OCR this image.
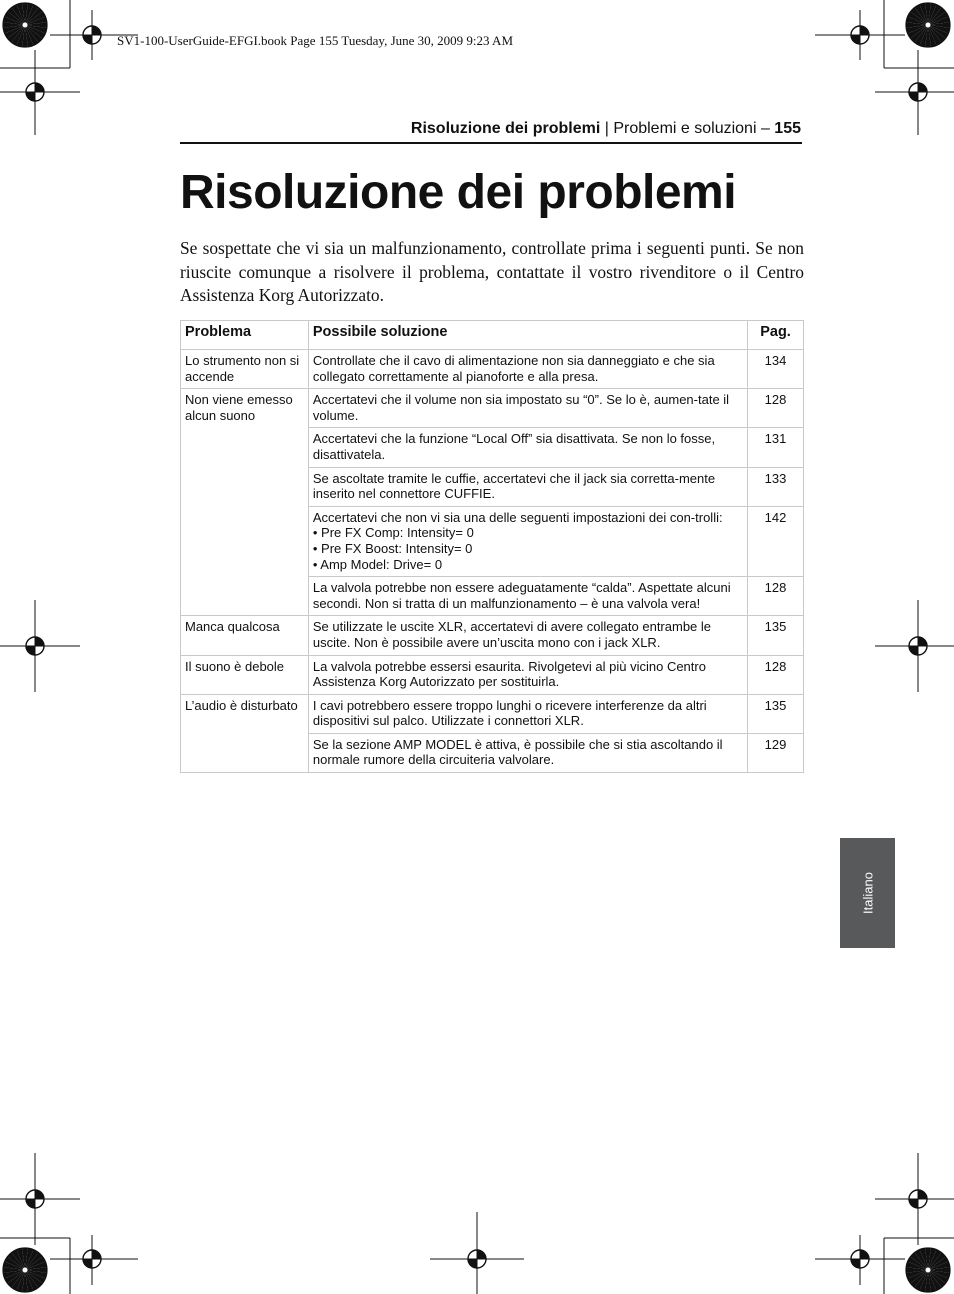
SV1-100-UserGuide-EFGI.book Page 155 Tuesday, June 30, 2009 9:23 AM
Risoluzione dei problemi | Problemi e soluzioni – 155
Risoluzione dei problemi

Se sospettate che vi sia un malfunzionamento, controllate prima i seguenti punti. Se non riuscite comunque a risolvere il problema, contattate il vostro rivenditore o il Centro Assistenza Korg Autorizzato.

Problema	Possibile soluzione	Pag.
Lo strumento non si accende	Controllate che il cavo di alimentazione non sia danneggiato e che sia collegato correttamente al pianoforte e alla presa.	134
Non viene emesso alcun suono	Accertatevi che il volume non sia impostato su “0”. Se lo è, aumen-tate il volume.	128
	Accertatevi che la funzione “Local Off” sia disattivata. Se non lo fosse, disattivatela.	131
	Se ascoltate tramite le cuffie, accertatevi che il jack sia corretta-mente inserito nel connettore CUFFIE.	133

	Accertatevi che non vi sia una delle seguenti impostazioni dei con-trolli:
• Pre FX Comp: Intensity= 0
• Pre FX Boost: Intensity= 0
• Amp Model: Drive= 0	142
	La valvola potrebbe non essere adeguatamente “calda”. Aspettate alcuni secondi. Non si tratta di un malfunzionamento – è una valvola vera!	128
Manca qualcosa	Se utilizzate le uscite XLR, accertatevi di avere collegato entrambe le uscite. Non è possibile avere un’uscita mono con i jack XLR.	135
Il suono è debole	La valvola potrebbe essersi esaurita. Rivolgetevi al più vicino Centro Assistenza Korg Autorizzato per sostituirla.	128
L’audio è disturbato	I cavi potrebbero essere troppo lunghi o ricevere interferenze da altri dispositivi sul palco. Utilizzate i connettori XLR.	135
	Se la sezione AMP MODEL è attiva, è possibile che si stia ascoltando il normale rumore della circuiteria valvolare.	129
Italiano
